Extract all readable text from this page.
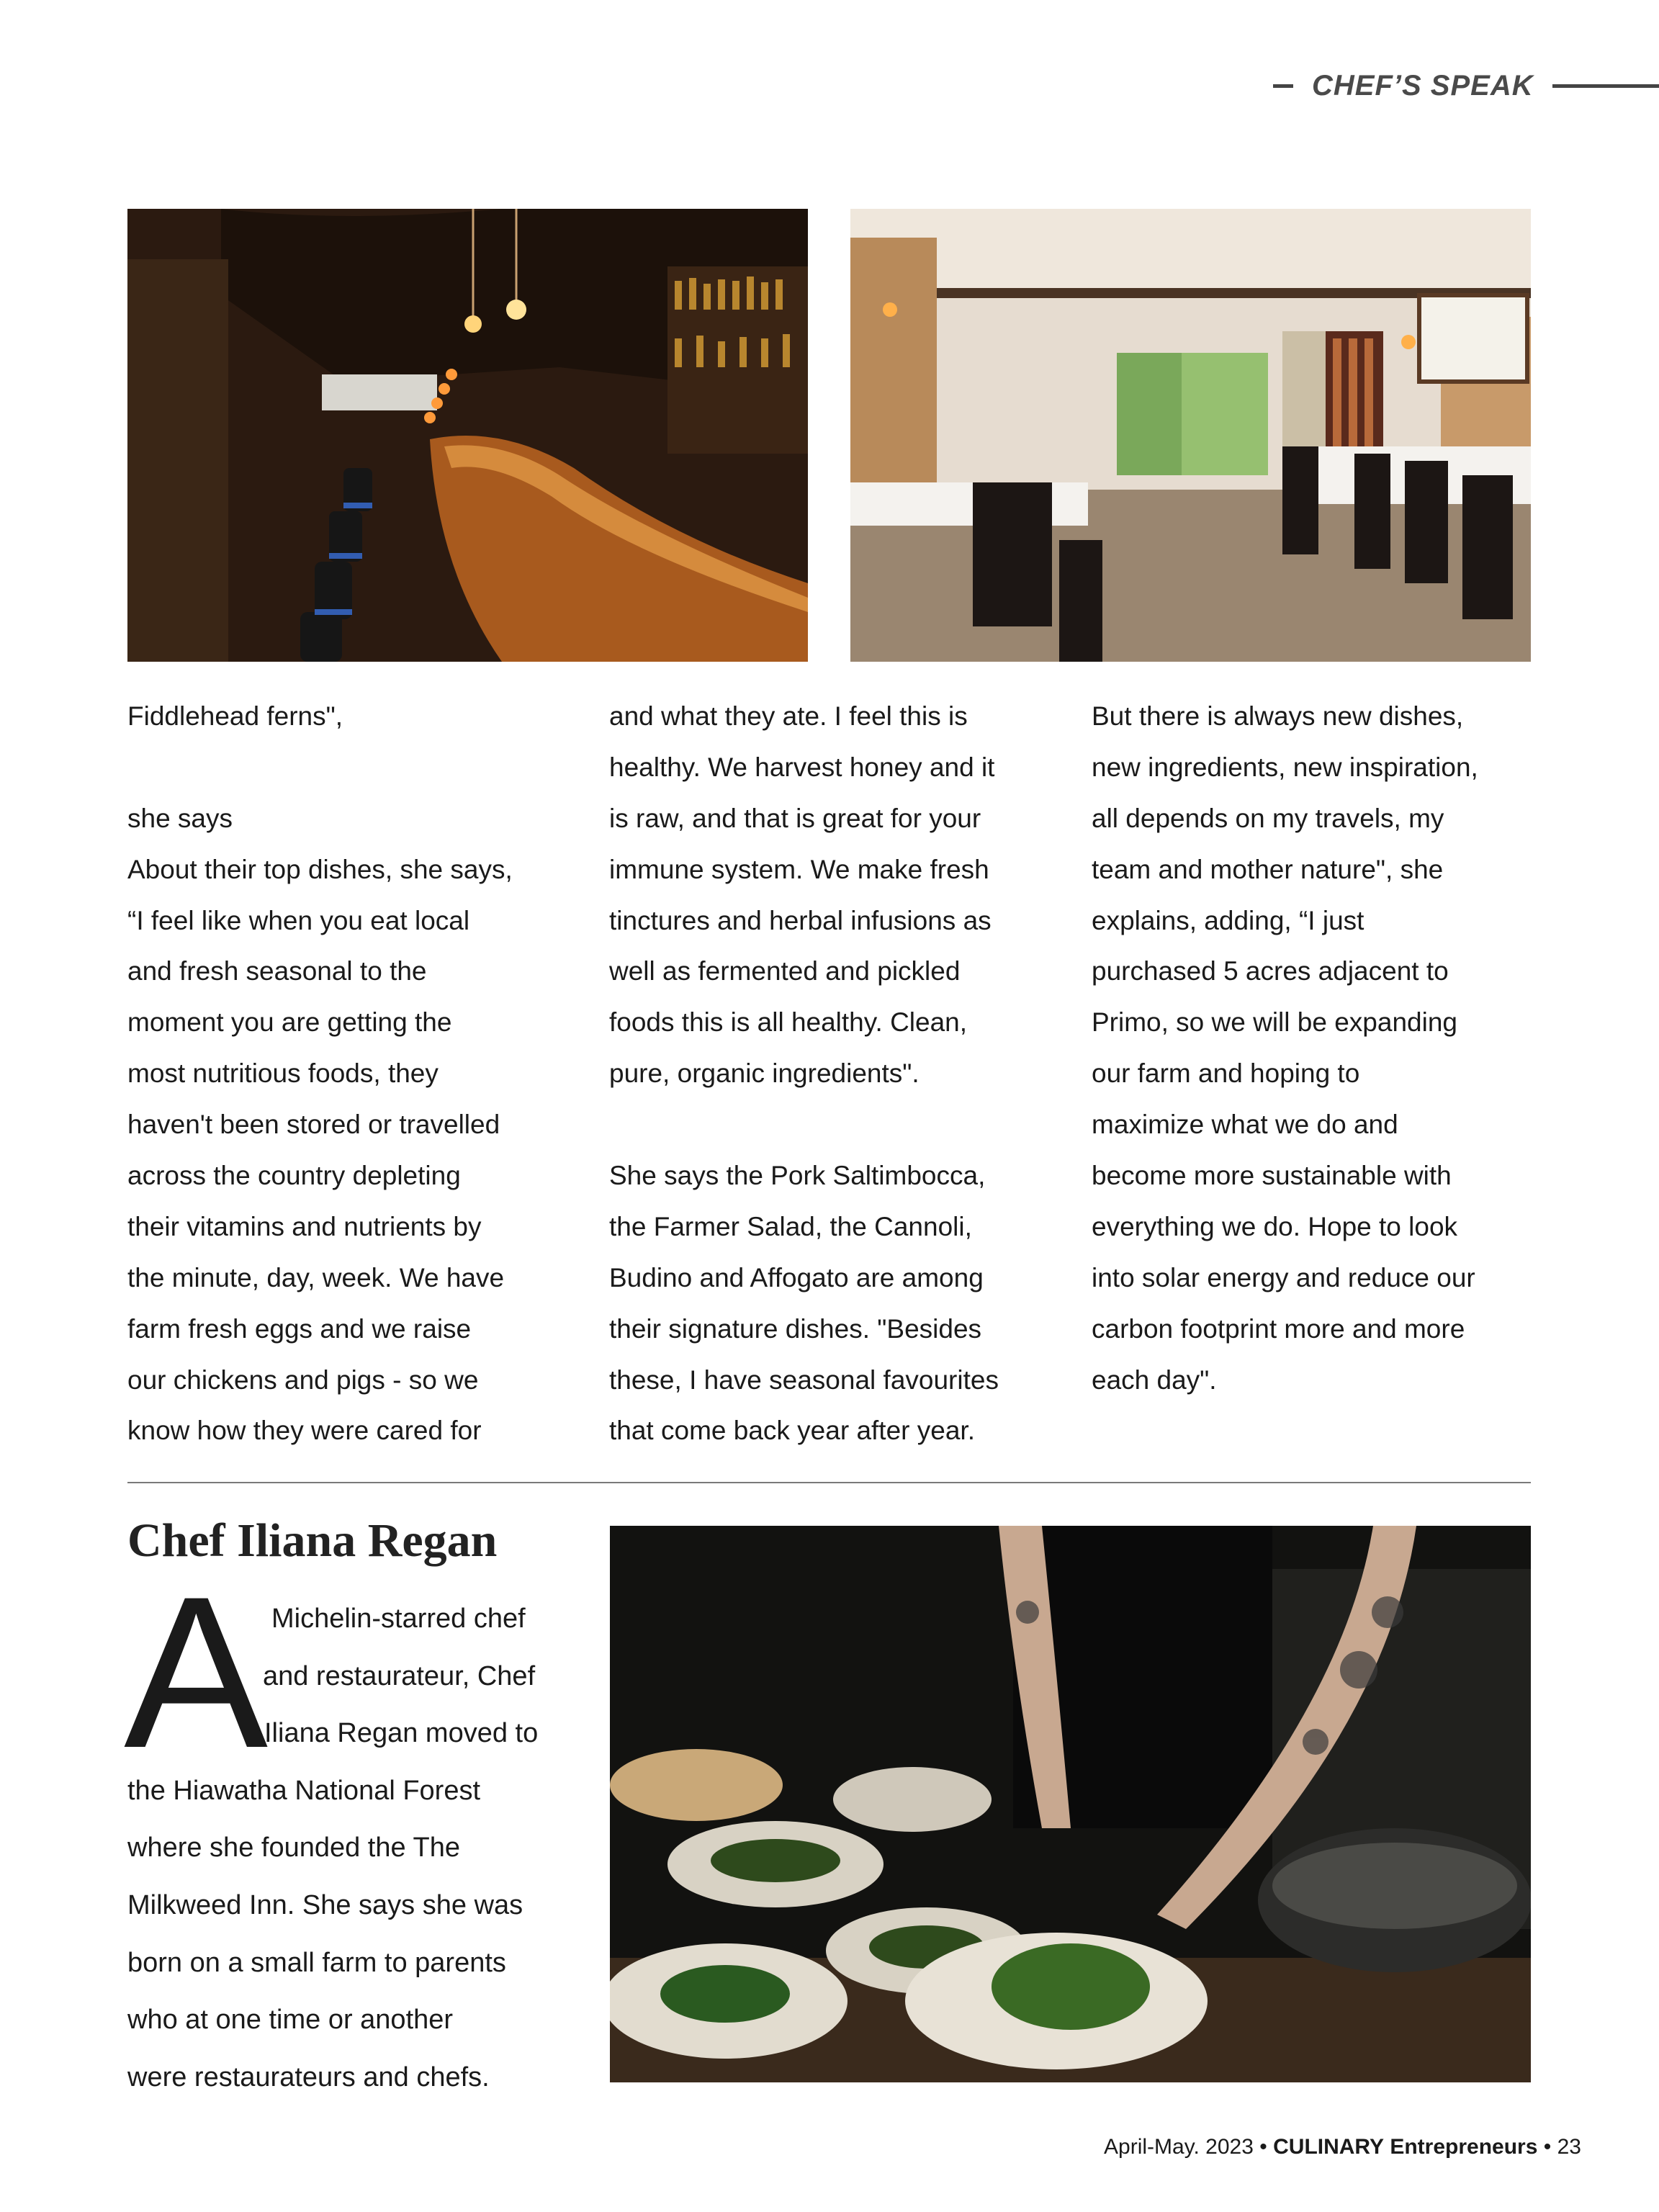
CHEF’S SPEAK
Fiddlehead ferns",
she says
About their top dishes, she says,
“I feel like when you eat local
and fresh seasonal to the
moment you are getting the
most nutritious foods, they
haven't been stored or travelled
across the country depleting
their vitamins and nutrients by
the minute, day, week. We have
farm fresh eggs and we raise
our chickens and pigs - so we
know how they were cared for
and what they ate. I feel this is
healthy. We harvest honey and it
is raw, and that is great for your
immune system. We make fresh
tinctures and herbal infusions as
well as fermented and pickled
foods this is all healthy. Clean,
pure, organic ingredients".
She says the Pork Saltimbocca,
the Farmer Salad, the Cannoli,
Budino and Affogato are among
their signature dishes. "Besides
these, I have seasonal favourites
that come back year after year.
But there is always new dishes,
new ingredients, new inspiration,
all depends on my travels, my
team and mother nature", she
explains, adding, “I just
purchased 5 acres adjacent to
Primo, so we will be expanding
our farm and hoping to
maximize what we do and
become more sustainable with
everything we do. Hope to look
into solar energy and reduce our
carbon footprint more and more
each day".
Chef Iliana Regan
A Michelin-starred chef
and restaurateur, Chef
Iliana Regan moved to
the Hiawatha National Forest
where she founded the The
Milkweed Inn. She says she was
born on a small farm to parents
who at one time or another
were restaurateurs and chefs.
April-May. 2023 • CULINARY Entrepreneurs • 23
